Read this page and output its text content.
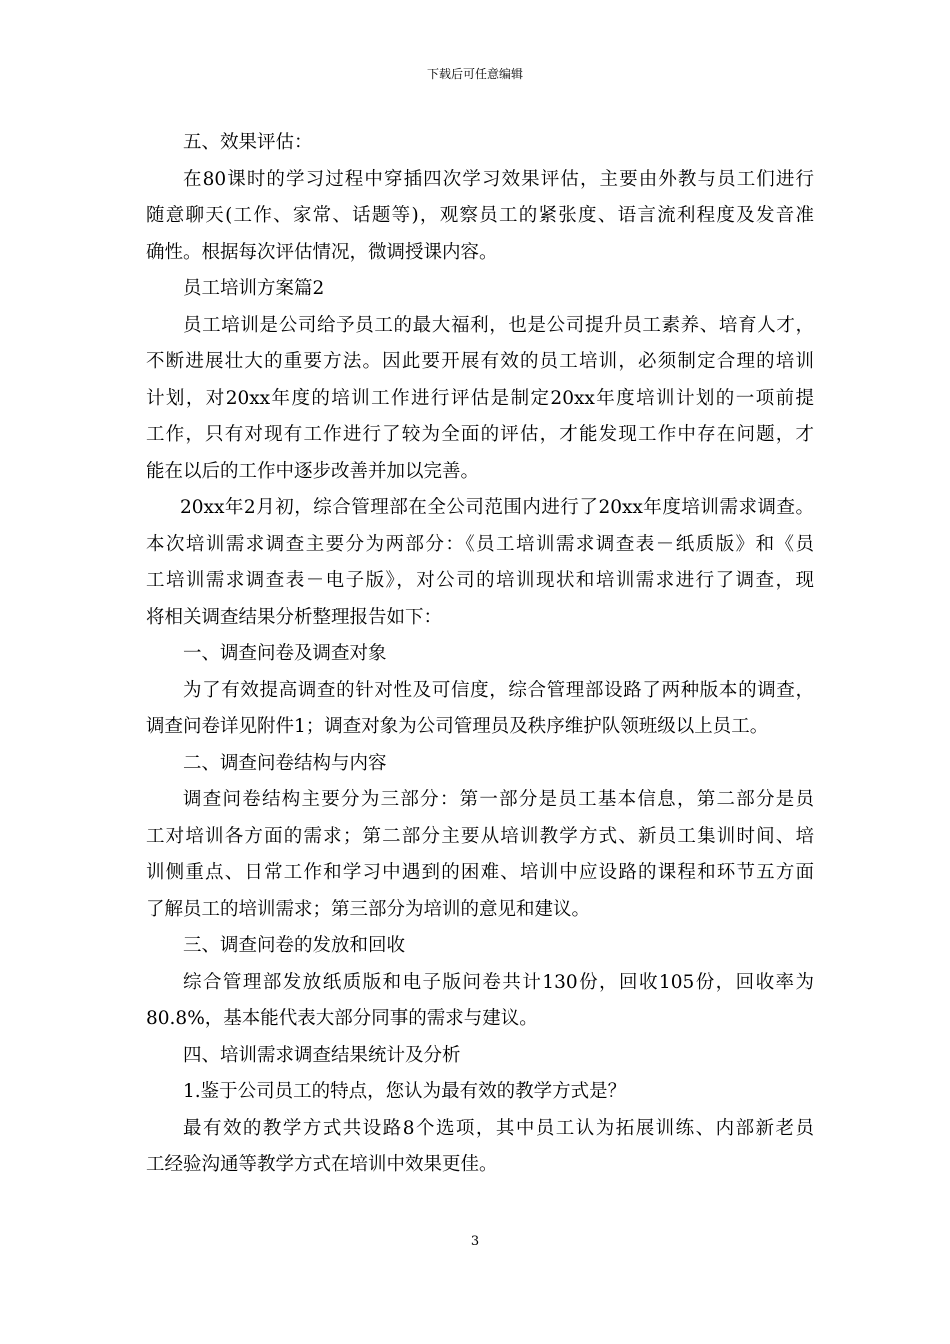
下载后可任意编辑
五、效果评估：
在80课时的学习过程中穿插四次学习效果评估，主要由外教与员工们进行
随意聊天(工作、家常、话题等)，观察员工的紧张度、语言流利程度及发音准
确性。根据每次评估情况，微调授课内容。
员工培训方案篇2
员工培训是公司给予员工的最大福利，也是公司提升员工素养、培育人才，
不断进展壮大的重要方法。因此要开展有效的员工培训，必须制定合理的培训
计划，对20xx年度的培训工作进行评估是制定20xx年度培训计划的一项前提
工作，只有对现有工作进行了较为全面的评估，才能发现工作中存在问题，才
能在以后的工作中逐步改善并加以完善。
20xx年2月初，综合管理部在全公司范围内进行了20xx年度培训需求调查。
本次培训需求调查主要分为两部分：《员工培训需求调查表－纸质版》和《员
工培训需求调查表－电子版》，对公司的培训现状和培训需求进行了调查，现
将相关调查结果分析整理报告如下：
一、调查问卷及调查对象
为了有效提高调查的针对性及可信度，综合管理部设路了两种版本的调查，
调查问卷详见附件1；调查对象为公司管理员及秩序维护队领班级以上员工。
二、调查问卷结构与内容
调查问卷结构主要分为三部分：第一部分是员工基本信息，第二部分是员
工对培训各方面的需求；第二部分主要从培训教学方式、新员工集训时间、培
训侧重点、日常工作和学习中遇到的困难、培训中应设路的课程和环节五方面
了解员工的培训需求；第三部分为培训的意见和建议。
三、调查问卷的发放和回收
综合管理部发放纸质版和电子版问卷共计130份，回收105份，回收率为
80.8%，基本能代表大部分同事的需求与建议。
四、培训需求调查结果统计及分析
1.鉴于公司员工的特点，您认为最有效的教学方式是？
最有效的教学方式共设路8个选项，其中员工认为拓展训练、内部新老员
工经验沟通等教学方式在培训中效果更佳。
3
